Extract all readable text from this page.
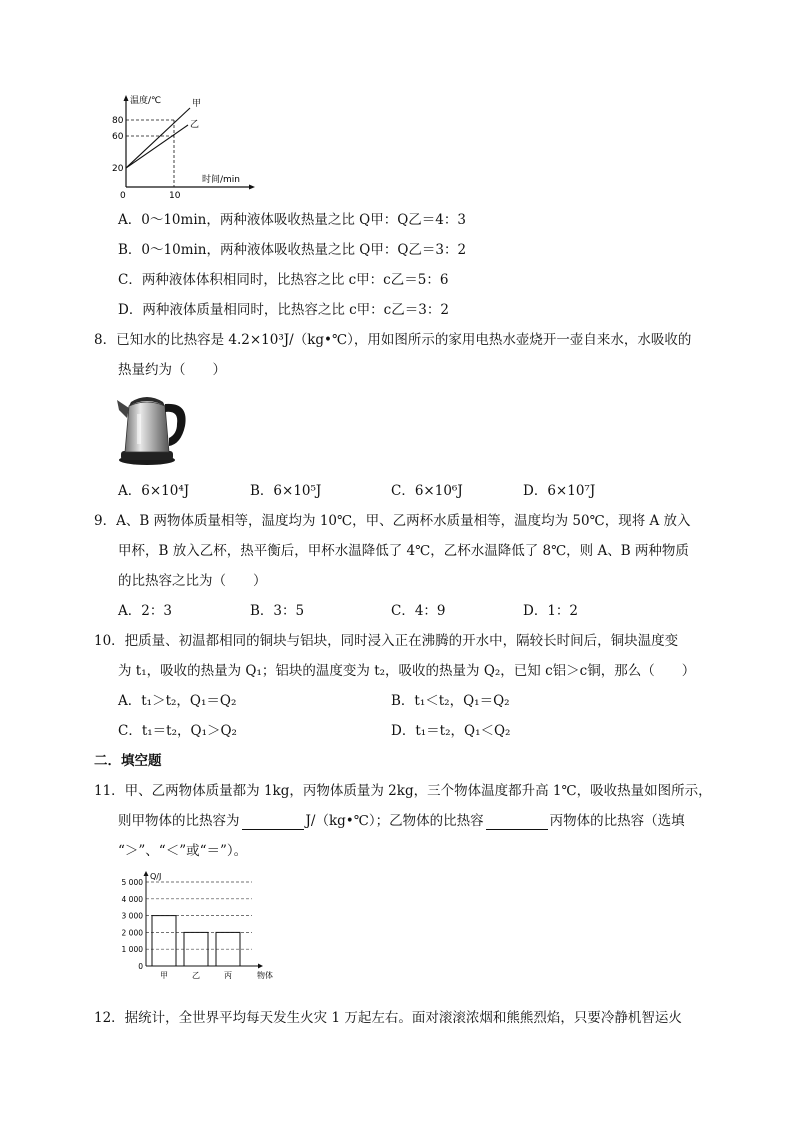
温度/℃	甲
乙
80
60
20
0	10
时间/min
A．0～10min，两种液体吸收热量之比 Q甲：Q乙＝4：3
B．0～10min，两种液体吸收热量之比 Q甲：Q乙＝3：2
C．两种液体体积相同时，比热容之比 c甲：c乙＝5：6
D．两种液体质量相同时，比热容之比 c甲：c乙＝3：2
8．已知水的比热容是 4.2×10³J/（kg•℃），用如图所示的家用电热水壶烧开一壶自来水，水吸收的
热量约为（　　）
A．6×10⁴J	B．6×10⁵J	C．6×10⁶J	D．6×10⁷J
9．A、B 两物体质量相等，温度均为 10℃，甲、乙两杯水质量相等，温度均为 50℃，现将 A 放入
甲杯，B 放入乙杯，热平衡后，甲杯水温降低了 4℃，乙杯水温降低了 8℃，则 A、B 两种物质
的比热容之比为（　　）
A．2：3	B．3：5	C．4：9	D．1：2
10．把质量、初温都相同的铜块与铝块，同时浸入正在沸腾的开水中，隔较长时间后，铜块温度变
为 t₁，吸收的热量为 Q₁；铝块的温度变为 t₂，吸收的热量为 Q₂，已知 c铝＞c铜，那么（　　）
A．t₁＞t₂，Q₁＝Q₂	B．t₁＜t₂，Q₁＝Q₂
C．t₁＝t₂，Q₁＞Q₂	D．t₁＝t₂，Q₁＜Q₂
二．填空题
11．甲、乙两物体质量都为 1kg，丙物体质量为 2kg，三个物体温度都升高 1℃，吸收热量如图所示，
则甲物体的比热容为	J/（kg•℃）；乙物体的比热容	丙物体的比热容（选填
“＞”、“＜”或“＝”）。
0
1 000
2 000
3 000
4 000
5 000
Q/J
物体
甲	乙	丙
12．据统计，全世界平均每天发生火灾 1 万起左右。面对滚滚浓烟和熊熊烈焰，只要冷静机智运火
